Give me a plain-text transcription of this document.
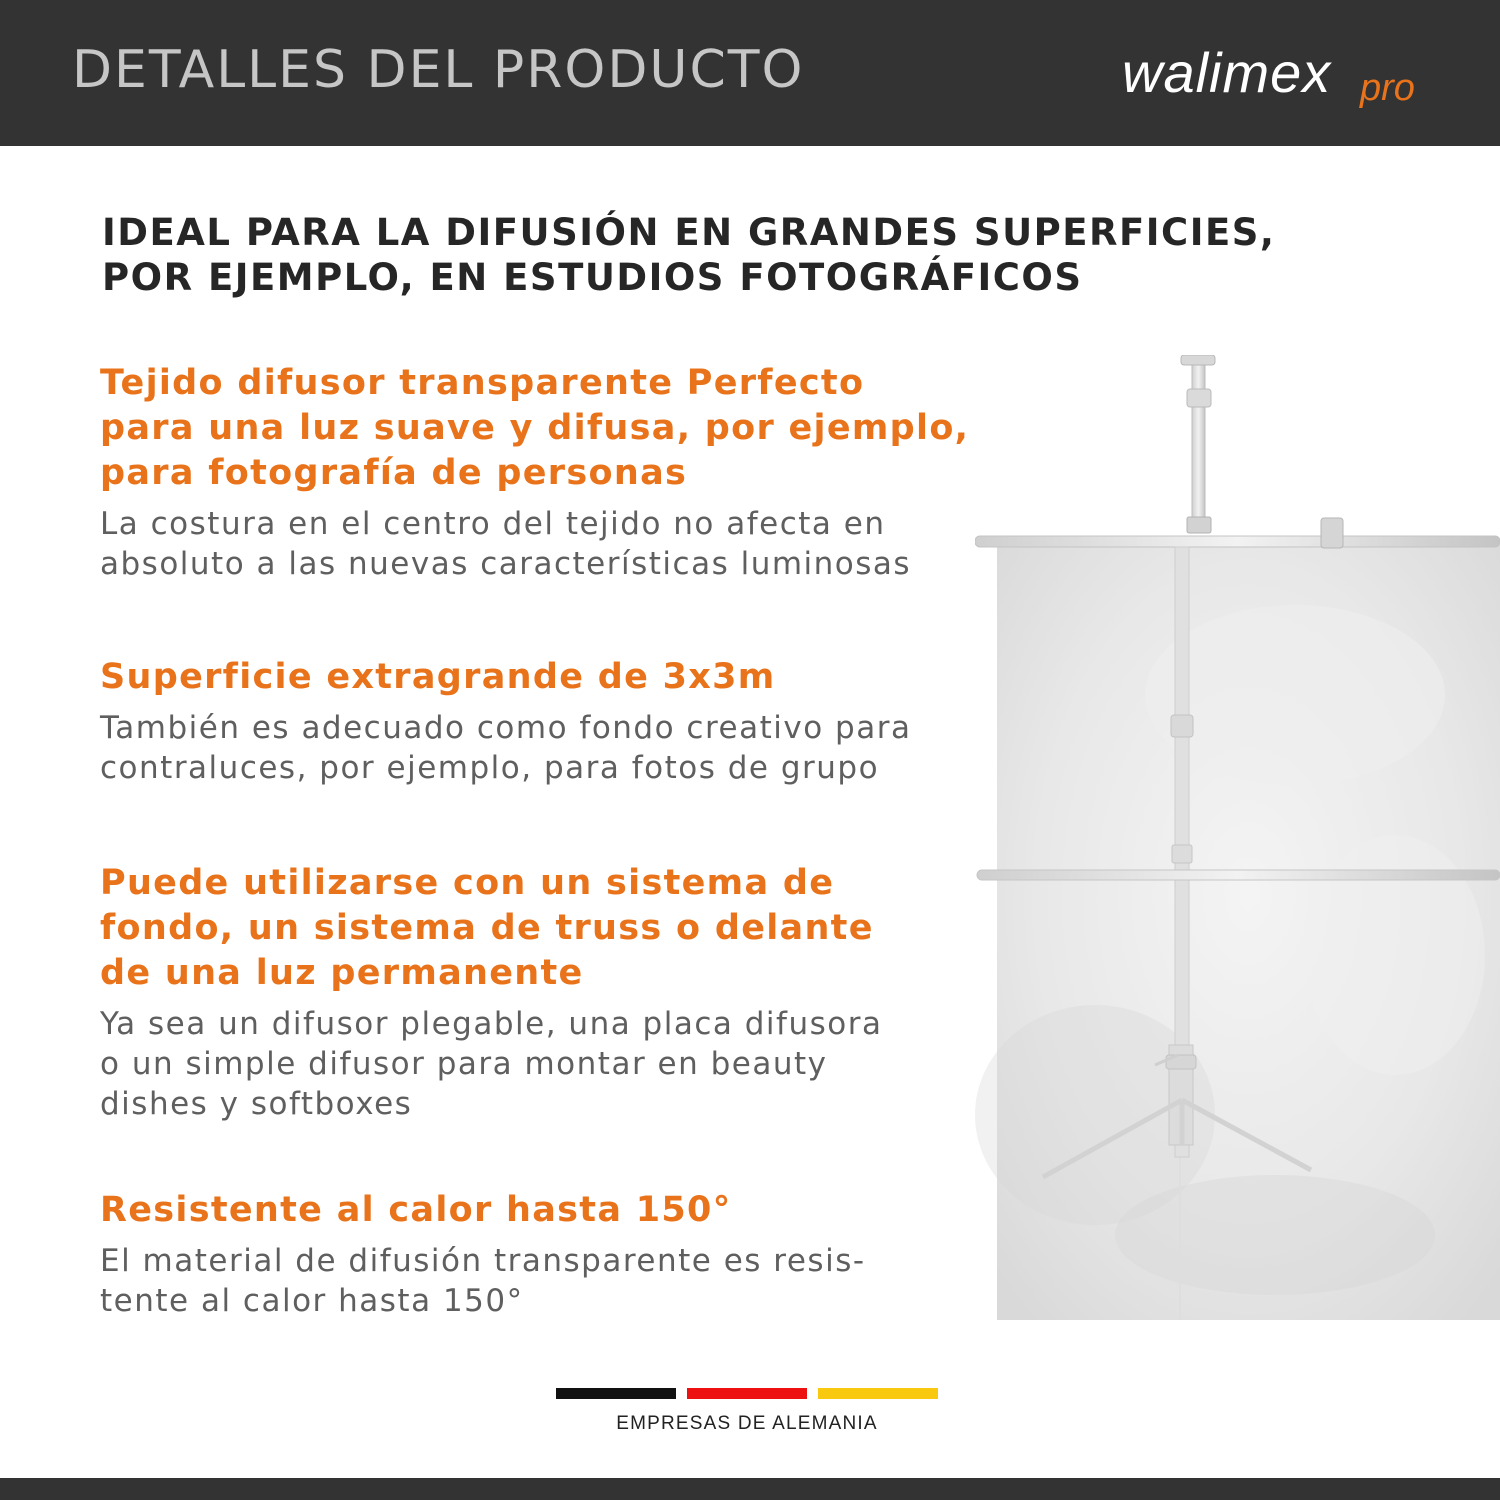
DETALLES DEL PRODUCTO	walimex pro
IDEAL PARA LA DIFUSIÓN EN GRANDES SUPERFICIES,
POR EJEMPLO, EN ESTUDIOS FOTOGRÁFICOS
Tejido difusor transparente Perfecto
para una luz suave y difusa, por ejemplo,
para fotografía de personas
La costura en el centro del tejido no afecta en
absoluto a las nuevas características luminosas
Superficie extragrande de 3x3m
También es adecuado como fondo creativo para
contraluces, por ejemplo, para fotos de grupo
Puede utilizarse con un sistema de
fondo, un sistema de truss o delante
de una luz permanente
Ya sea un difusor plegable, una placa difusora
o un simple difusor para montar en beauty
dishes y softboxes
Resistente al calor hasta 150°
El material de difusión transparente es resis-
tente al calor hasta 150°
EMPRESAS DE ALEMANIA
